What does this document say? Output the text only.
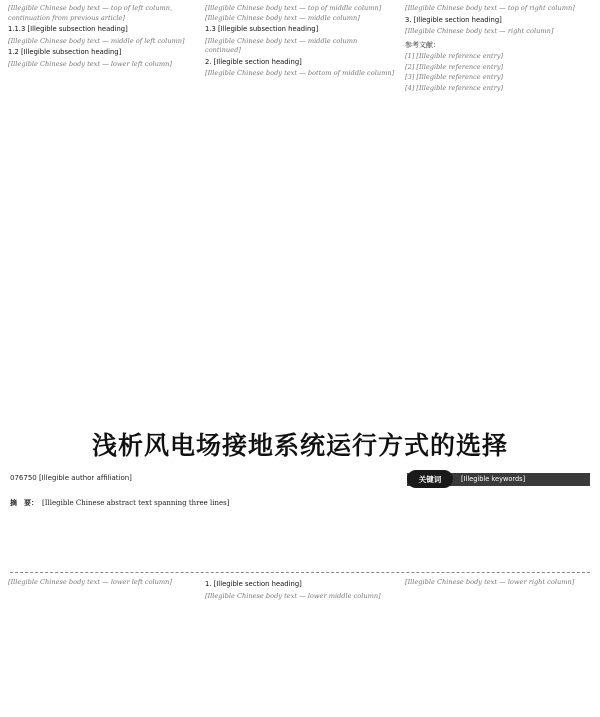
[Illegible Chinese body text — top of left column, continuation from previous article]

1.1.3 [Illegible subsection heading]

[Illegible Chinese body text — middle of left column]

1.2 [Illegible subsection heading]

[Illegible Chinese body text — lower left column]

[Illegible Chinese body text — top of middle column]

[Illegible Chinese body text — middle column]

1.3 [Illegible subsection heading]

[Illegible Chinese body text — middle column continued]

2. [Illegible section heading]

[Illegible Chinese body text — bottom of middle column]

[Illegible Chinese body text — top of right column]

3. [Illegible section heading]

[Illegible Chinese body text — right column]

参考文献：

[1] [Illegible reference entry]

[2] [Illegible reference entry]

[3] [Illegible reference entry]

[4] [Illegible reference entry]

浅析风电场接地系统运行方式的选择
076750 [Illegible author affiliation]	关键词	[Illegible keywords]
摘　要： [Illegible Chinese abstract text spanning three lines]

[Illegible Chinese body text — lower left column]	1. [Illegible section heading]

[Illegible Chinese body text — lower middle column]

[Illegible Chinese body text — lower right column]
